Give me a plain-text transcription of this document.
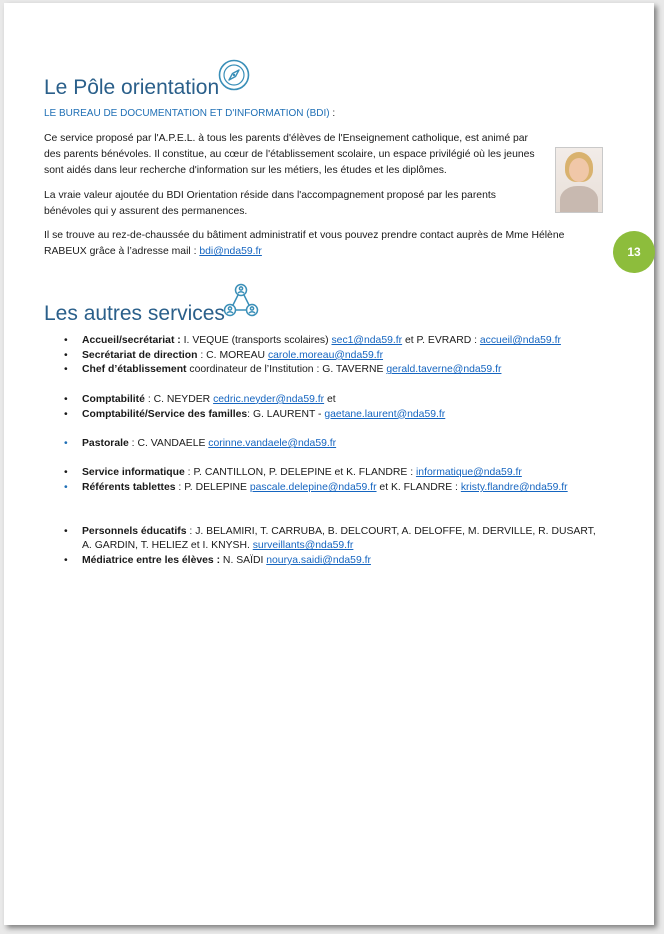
Le Pôle orientation
LE BUREAU DE DOCUMENTATION ET D'INFORMATION (BDI) :

Ce service proposé par l'A.P.E.L. à tous les parents d'élèves de l'Enseignement catholique, est animé par des parents bénévoles. Il constitue, au cœur de l'établissement scolaire, un espace privilégié où les jeunes sont aidés dans leur recherche d'information sur les métiers, les études et les diplômes.

La vraie valeur ajoutée du BDI Orientation réside dans l'accompagnement proposé par les parents bénévoles qui y assurent des permanences.

Il se trouve au rez-de-chaussée du bâtiment administratif et vous pouvez prendre contact auprès de Mme Hélène RABEUX grâce à l’adresse mail : bdi@nda59.fr	13
Les autres services
• Accueil/secrétariat : I. VEQUE (transports scolaires) sec1@nda59.fr et P. EVRARD : accueil@nda59.fr
• Secrétariat de direction : C. MOREAU carole.moreau@nda59.fr
• Chef d’établissement coordinateur de l’Institution : G. TAVERNE gerald.taverne@nda59.fr
• Comptabilité : C. NEYDER cedric.neyder@nda59.fr et
• Comptabilité/Service des familles: G. LAURENT - gaetane.laurent@nda59.fr
• Pastorale : C. VANDAELE corinne.vandaele@nda59.fr
• Service informatique : P. CANTILLON, P. DELEPINE et K. FLANDRE : informatique@nda59.fr
• Référents tablettes : P. DELEPINE pascale.delepine@nda59.fr et K. FLANDRE : kristy.flandre@nda59.fr
• Personnels éducatifs : J. BELAMIRI, T. CARRUBA, B. DELCOURT, A. DELOFFE, M. DERVILLE, R. DUSART, A. GARDIN, T. HELIEZ et I. KNYSH. surveillants@nda59.fr
• Médiatrice entre les élèves : N. SAÏDI nourya.saidi@nda59.fr
